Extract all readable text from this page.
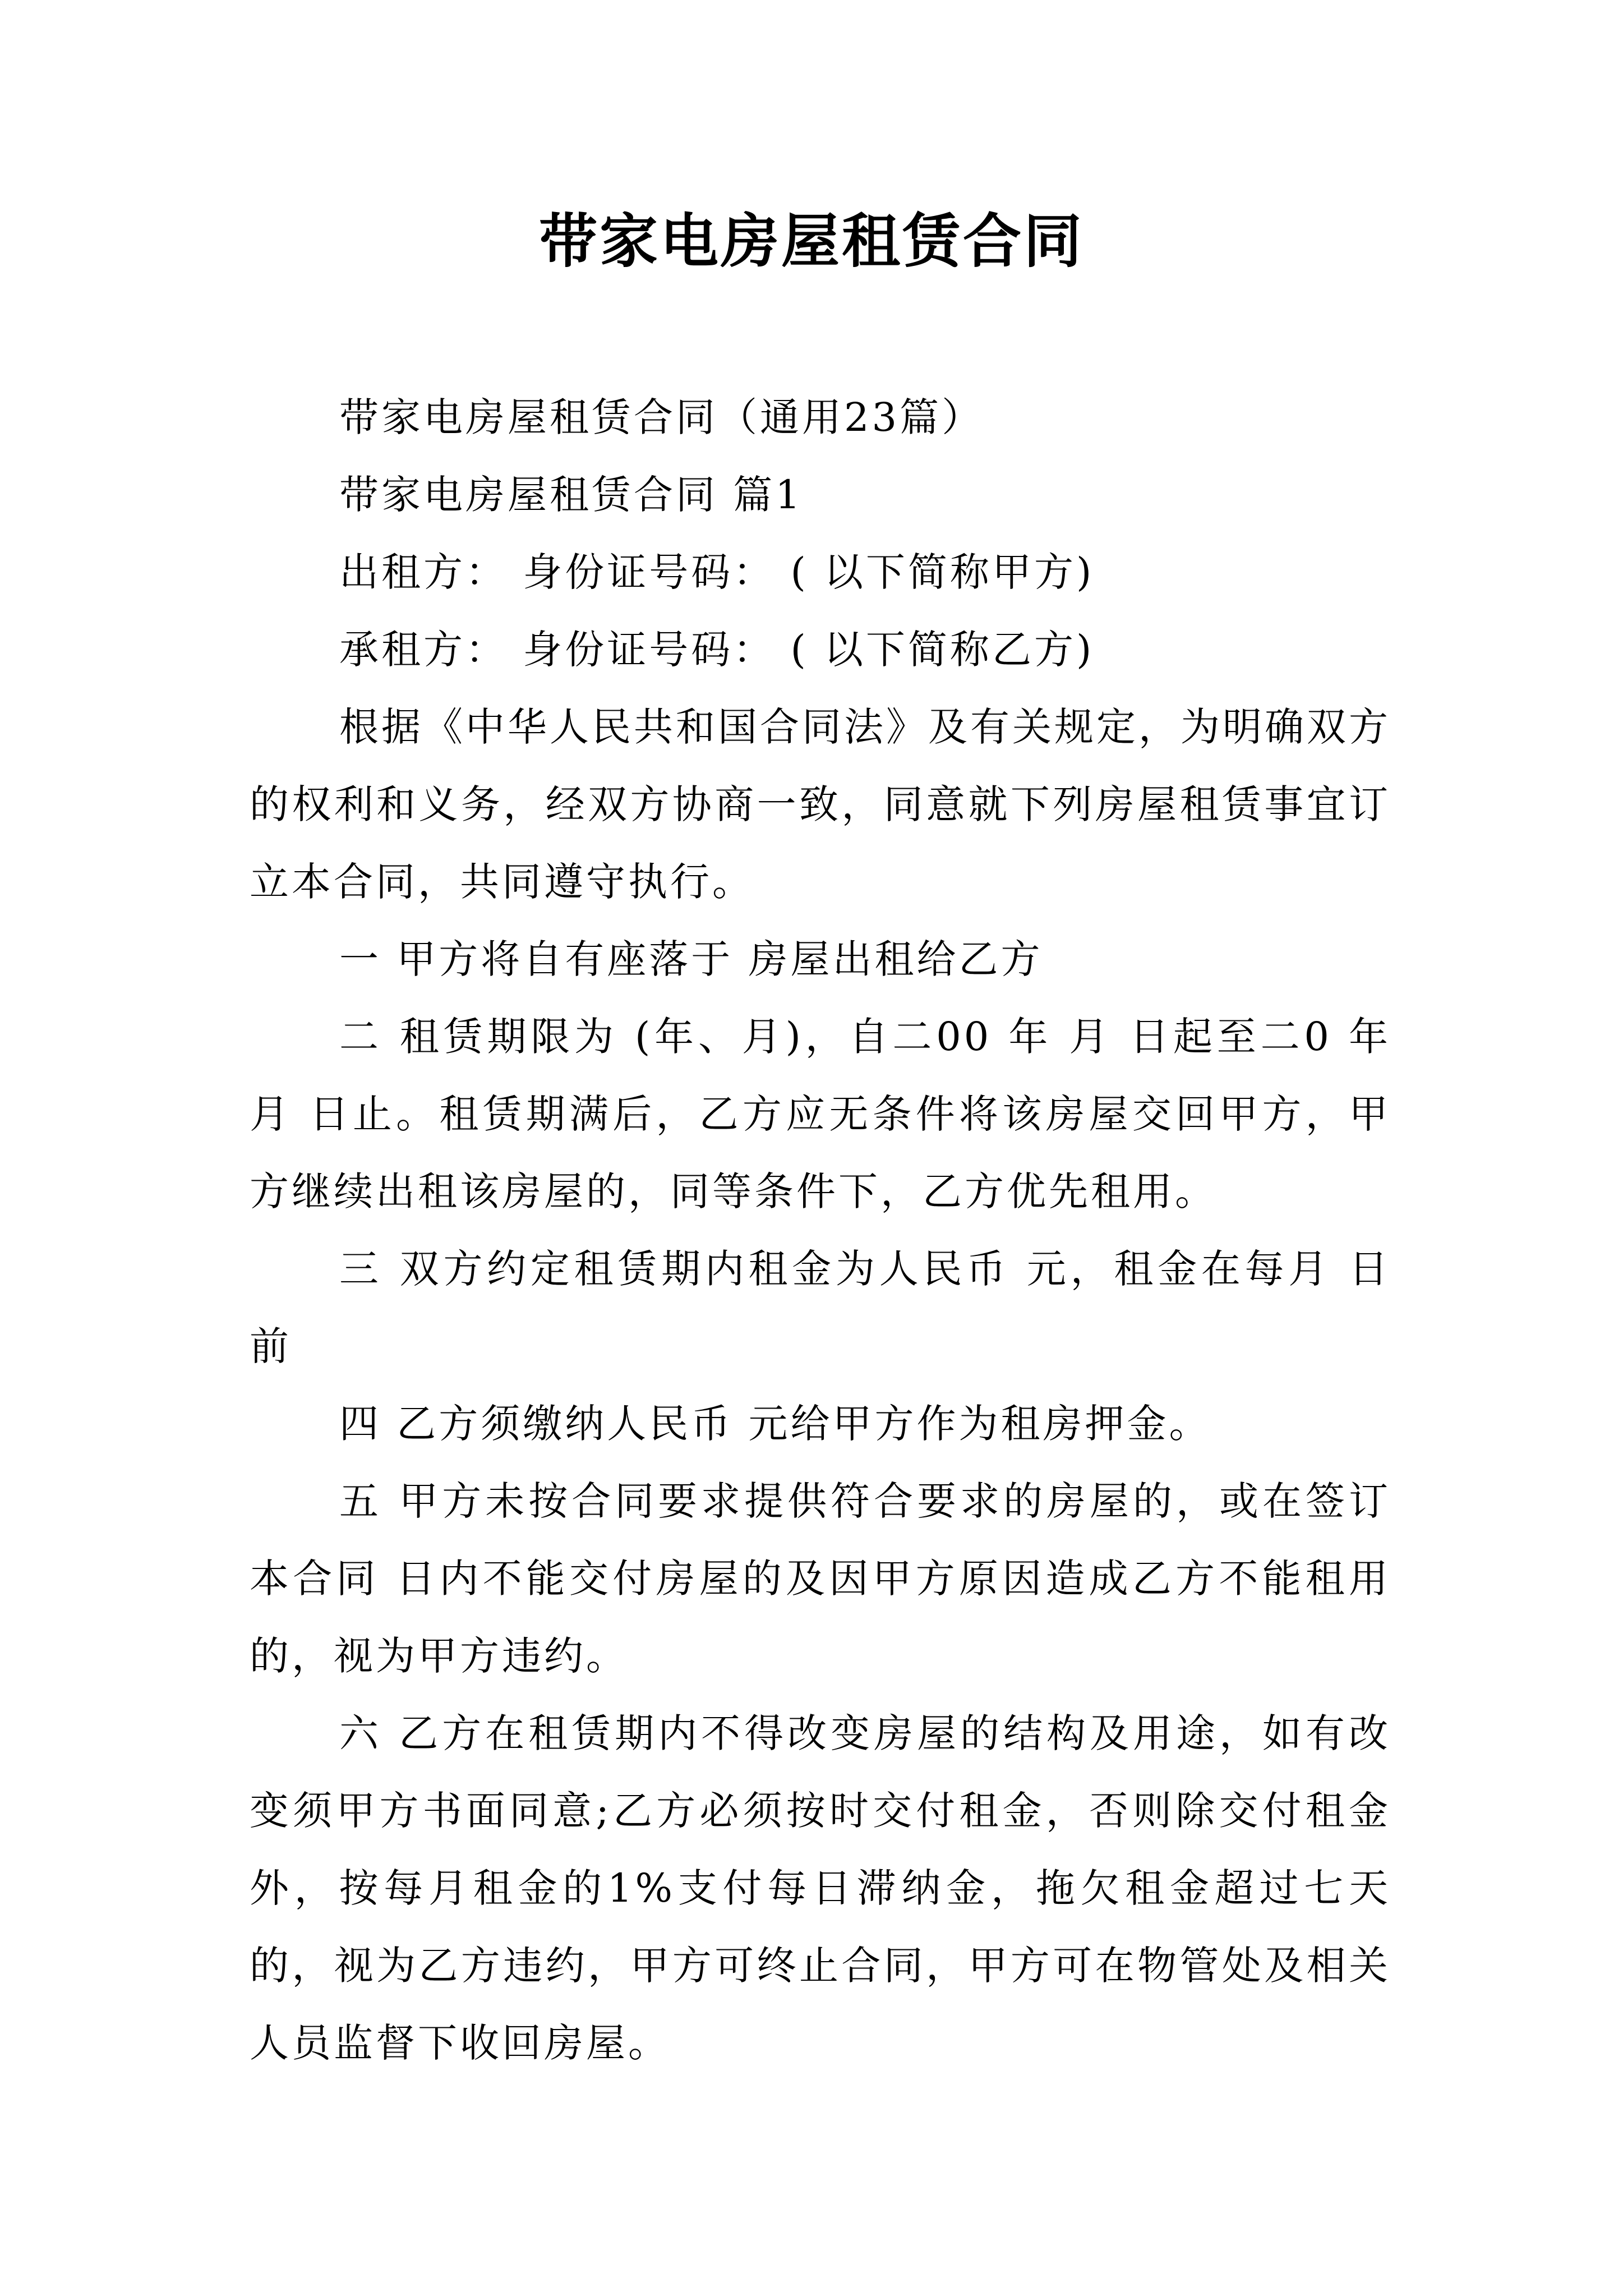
带家电房屋租赁合同

带家电房屋租赁合同（通用23篇）

带家电房屋租赁合同 篇1

出租方： 身份证号码： ( 以下简称甲方)

承租方： 身份证号码： ( 以下简称乙方)

根据《中华人民共和国合同法》及有关规定，为明确双方的权利和义务，经双方协商一致，同意就下列房屋租赁事宜订立本合同，共同遵守执行。

一 甲方将自有座落于 房屋出租给乙方

二 租赁期限为 (年、月)，自二00 年 月 日起至二0 年 月 日止。租赁期满后，乙方应无条件将该房屋交回甲方，甲方继续出租该房屋的，同等条件下，乙方优先租用。

三 双方约定租赁期内租金为人民币 元，租金在每月 日前

四 乙方须缴纳人民币 元给甲方作为租房押金。

五 甲方未按合同要求提供符合要求的房屋的，或在签订本合同 日内不能交付房屋的及因甲方原因造成乙方不能租用的，视为甲方违约。

六 乙方在租赁期内不得改变房屋的结构及用途，如有改变须甲方书面同意;乙方必须按时交付租金，否则除交付租金外，按每月租金的1%支付每日滞纳金，拖欠租金超过七天的，视为乙方违约，甲方可终止合同，甲方可在物管处及相关人员监督下收回房屋。
